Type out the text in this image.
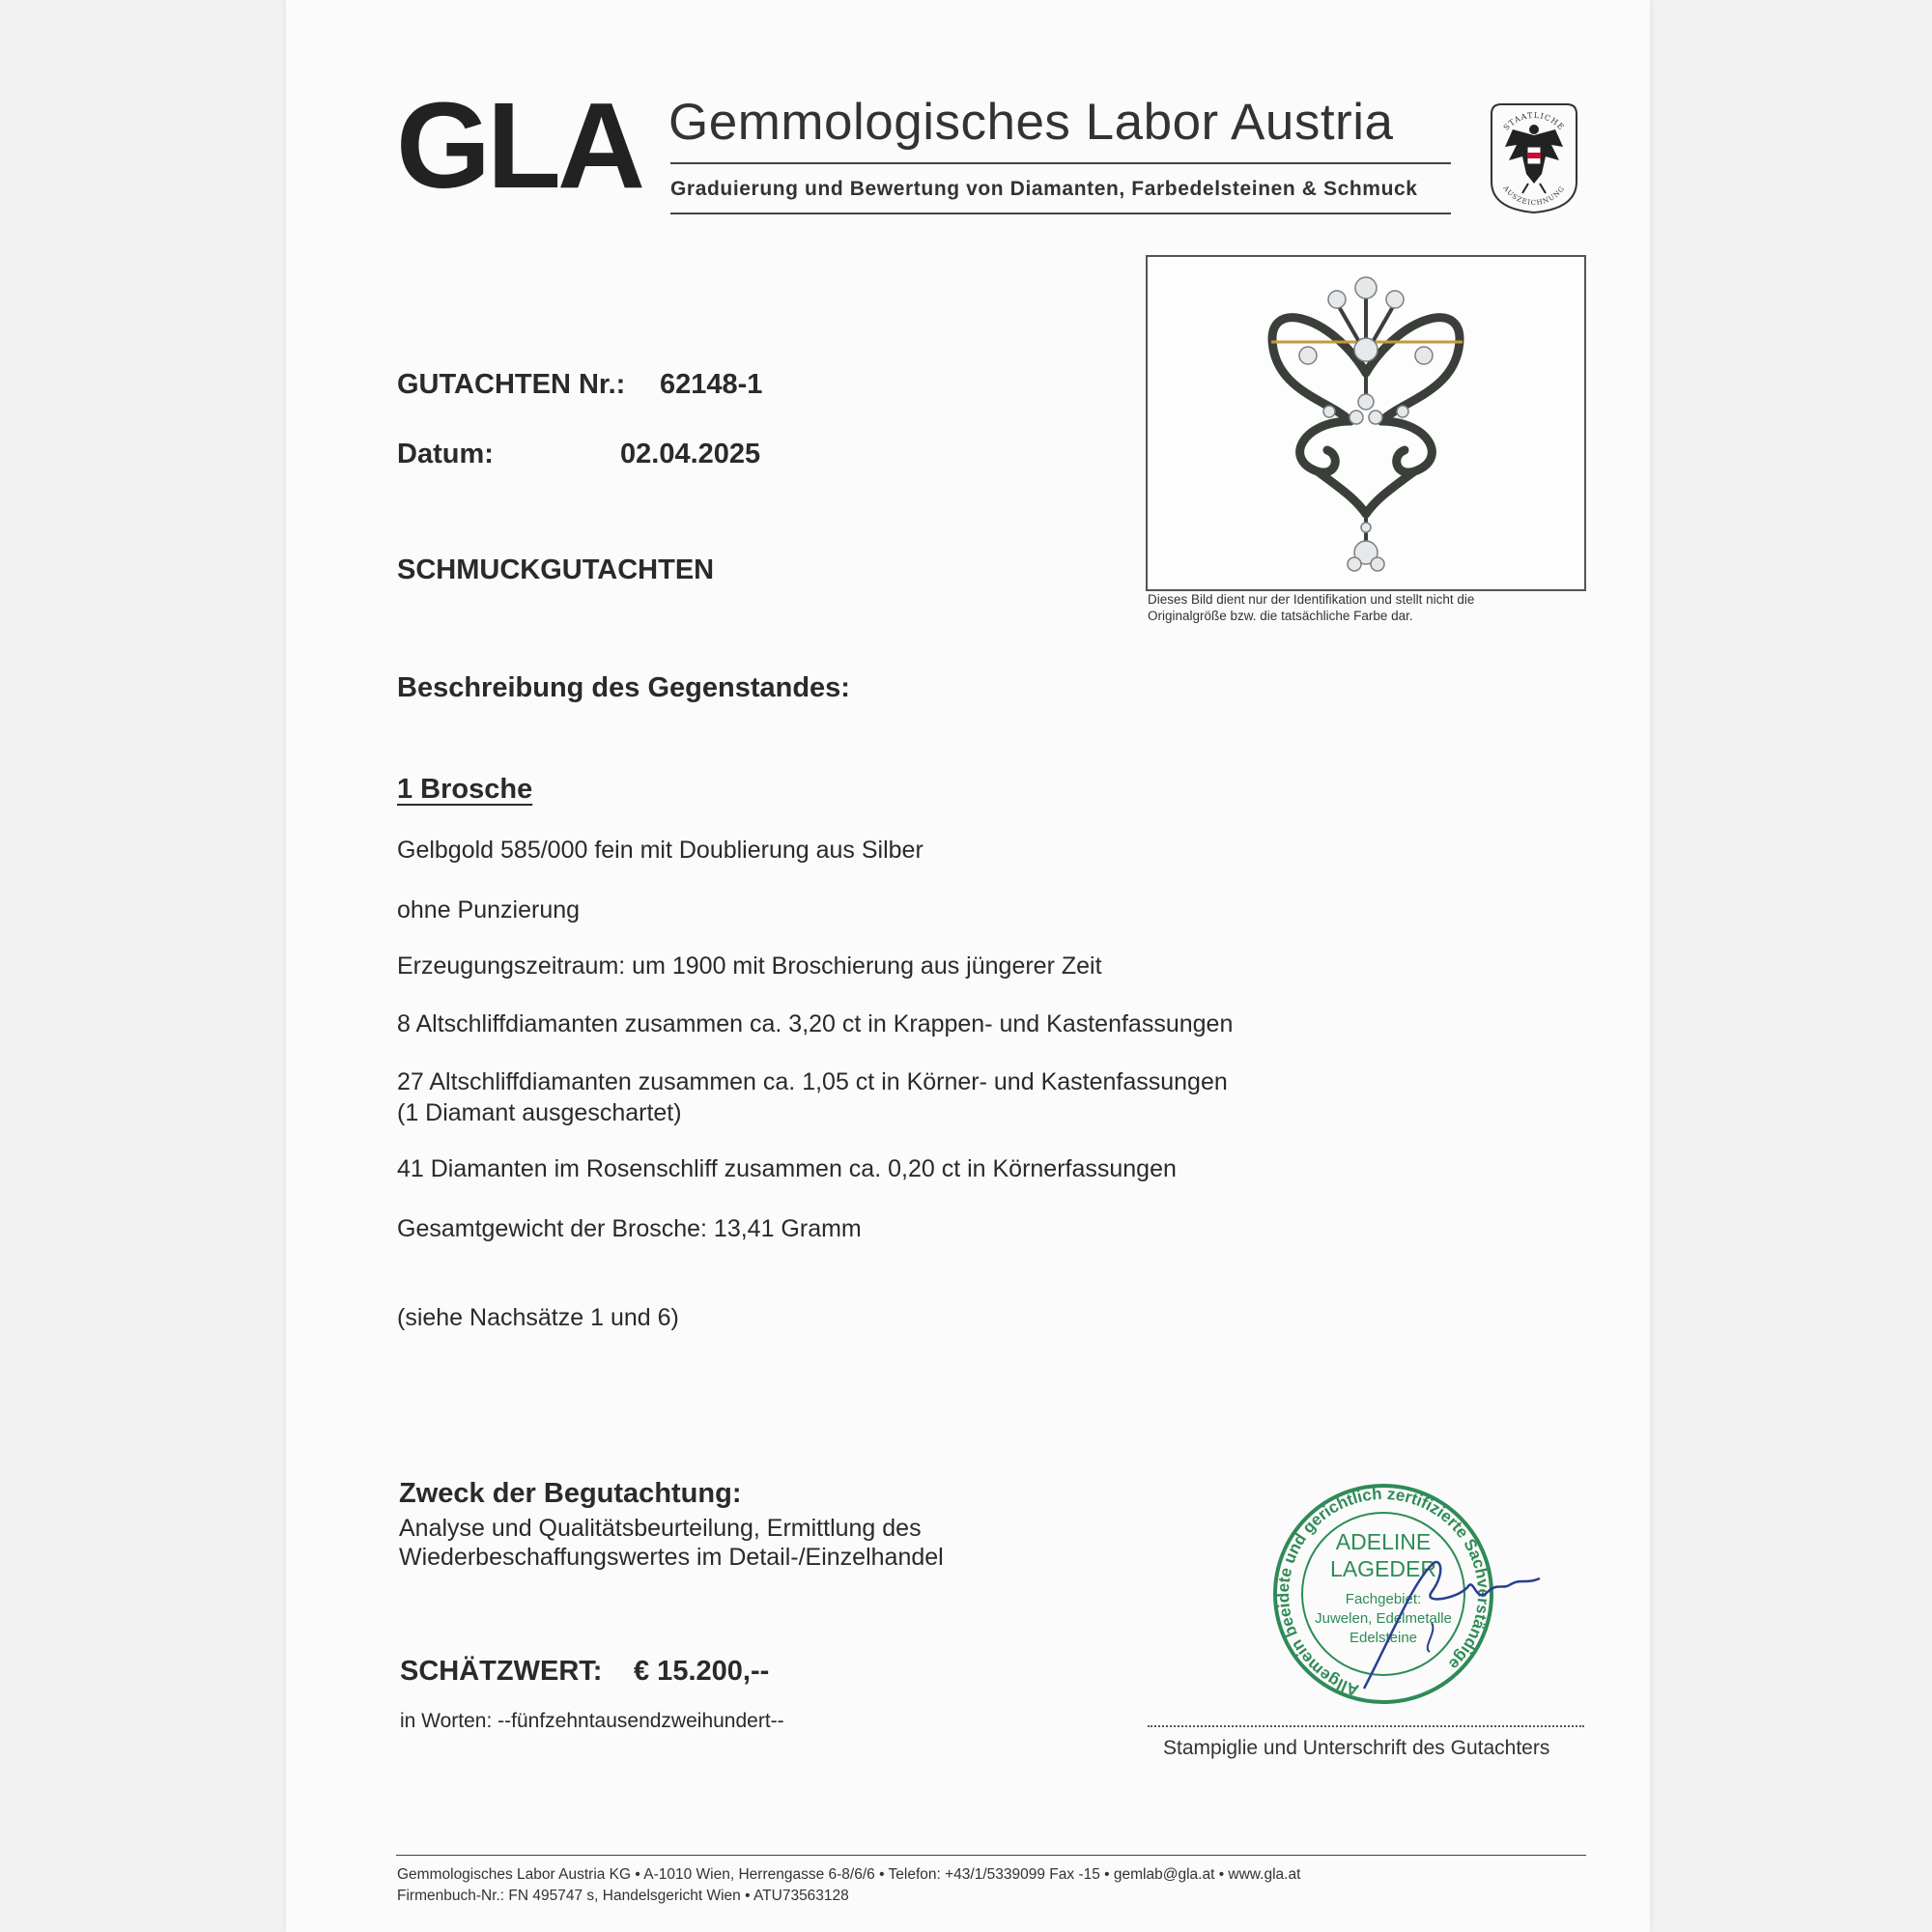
GLA Gemmologisches Labor Austria
Graduierung und Bewertung von Diamanten, Farbedelsteinen & Schmuck
STAATLICHE
AUSZEICHNUNG
GUTACHTEN Nr.: 62148-1
Datum:	02.04.2025
SCHMUCKGUTACHTEN
Dieses Bild dient nur der Identifikation und stellt nicht die
Originalgröße bzw. die tatsächliche Farbe dar.
Beschreibung des Gegenstandes:
1 Brosche
Gelbgold 585/000 fein mit Doublierung aus Silber
ohne Punzierung
Erzeugungszeitraum: um 1900 mit Broschierung aus jüngerer Zeit
8 Altschliffdiamanten zusammen ca. 3,20 ct in Krappen- und Kastenfassungen
27 Altschliffdiamanten zusammen ca. 1,05 ct in Körner- und Kastenfassungen
(1 Diamant ausgeschartet)
41 Diamanten im Rosenschliff zusammen ca. 0,20 ct in Körnerfassungen
Gesamtgewicht der Brosche: 13,41 Gramm
(siehe Nachsätze 1 und 6)
Zweck der Begutachtung:
Analyse und Qualitätsbeurteilung, Ermittlung des
Wiederbeschaffungswertes im Detail-/Einzelhandel
SCHÄTZWERT: € 15.200,--
in Worten: --fünfzehntausendzweihundert--
Allgemein beeidete und gerichtlich zertifizierte Sachverständige
ADELINE
LAGEDER
Fachgebiet:
Juwelen, Edelmetalle
Edelsteine
Stampiglie und Unterschrift des Gutachters
Gemmologisches Labor Austria KG • A-1010 Wien, Herrengasse 6-8/6/6 • Telefon: +43/1/5339099 Fax -15 • gemlab@gla.at • www.gla.at
Firmenbuch-Nr.: FN 495747 s, Handelsgericht Wien • ATU73563128
